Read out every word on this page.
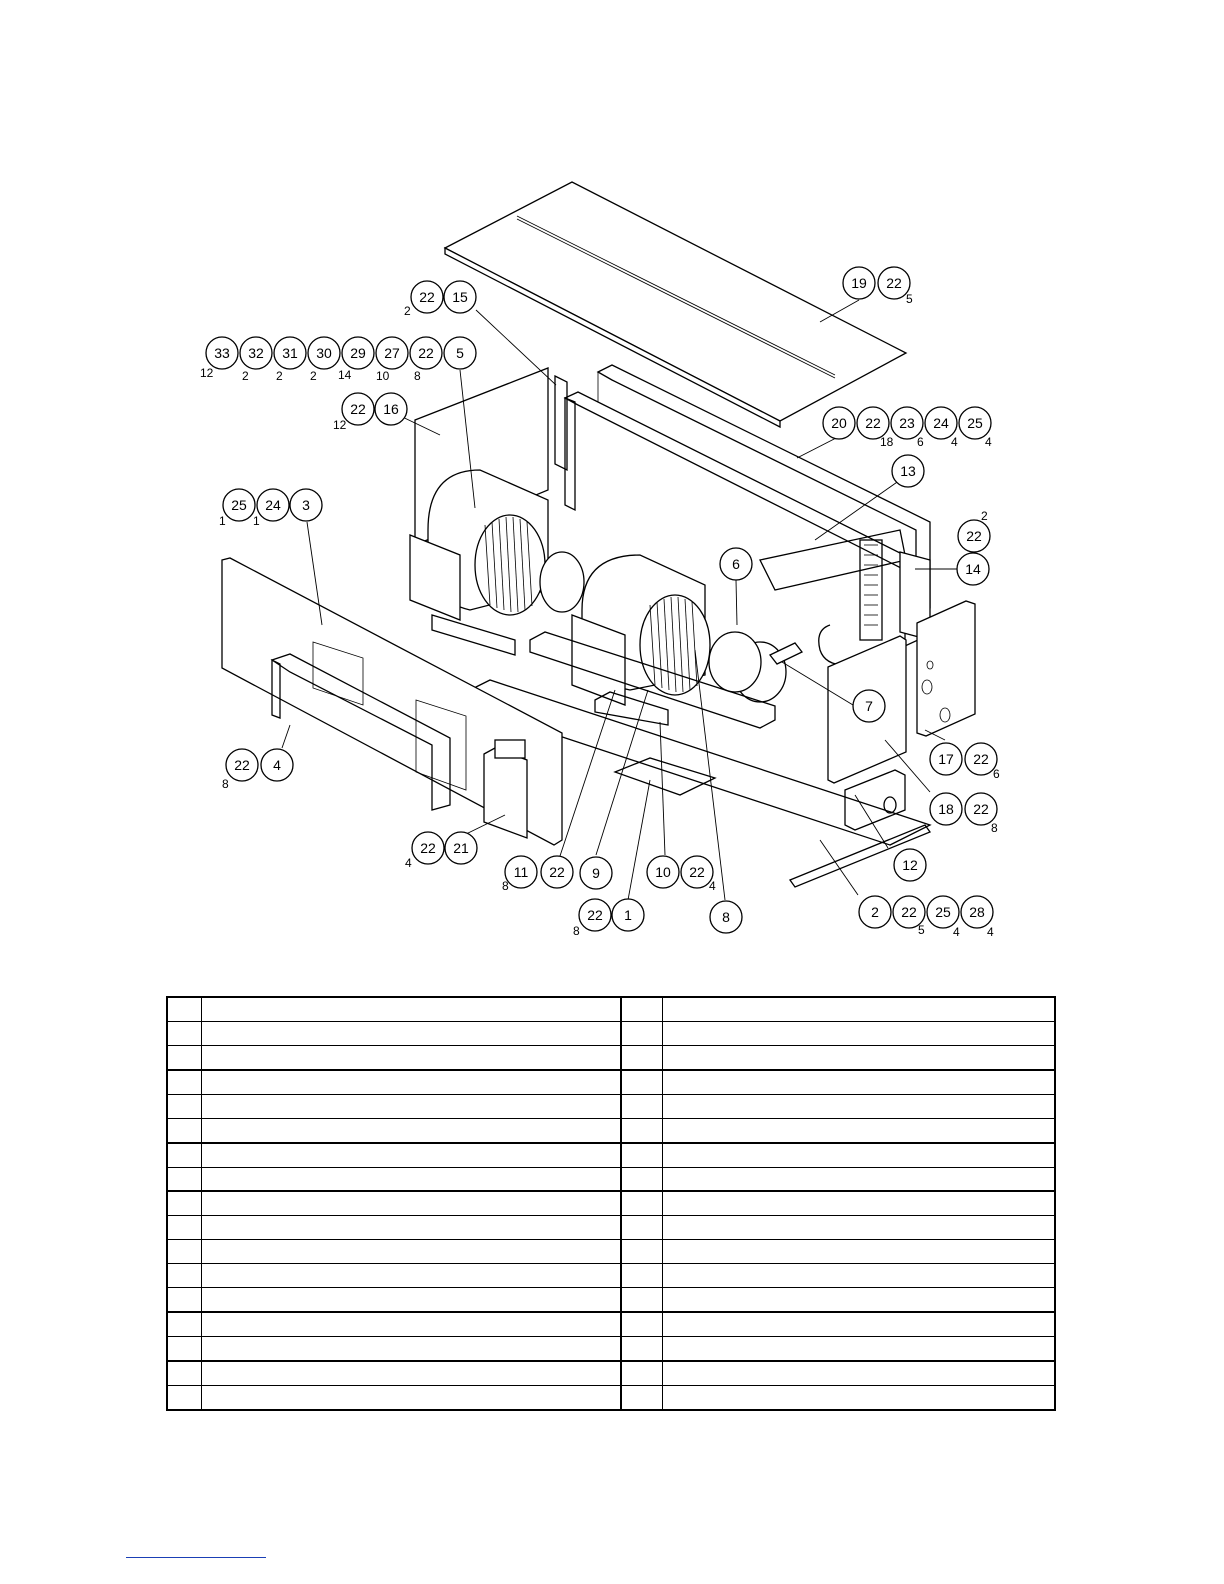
22 15
2
19 22
5
33 32 31 30 29 27 22 5
12 2 2 2 14 10 8
22 16
12	20 22 23 24 25
18 6 4 4
13
22
2
14
25 24 3
1 1
6
7
22 4
8
17 22
6
18 22
8
22 21
4	12
11 22
8
9	10 22
4
22 1
8
8	2 22 25 28
5 4 4
